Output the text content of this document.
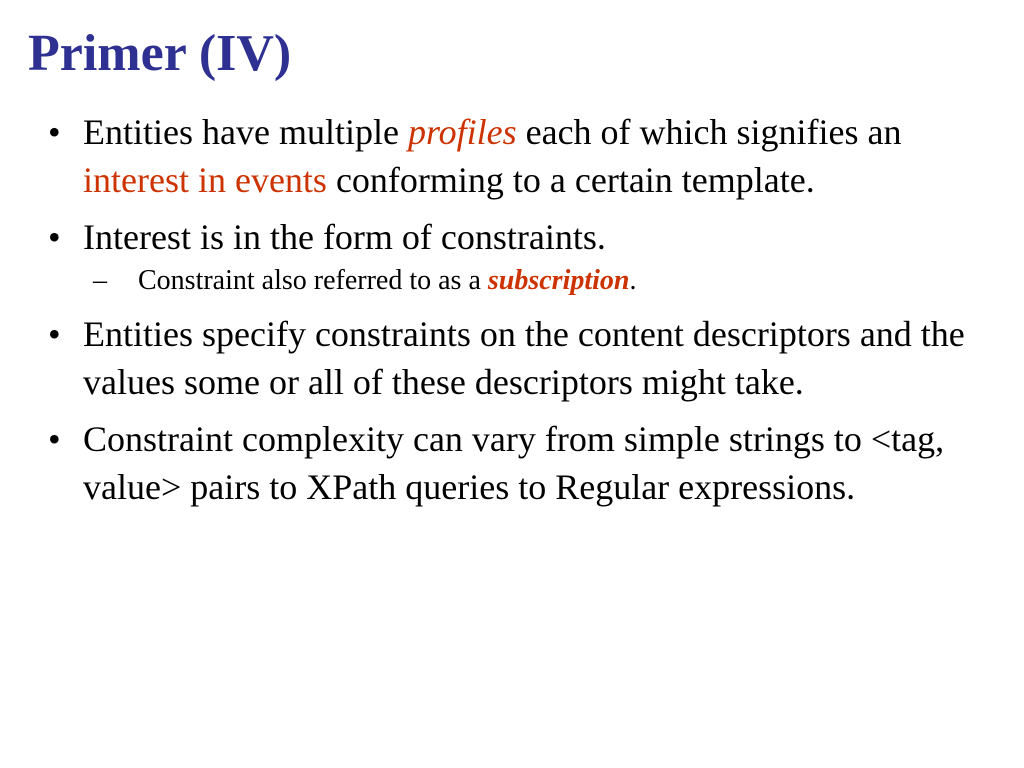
Primer (IV)
• Entities have multiple profiles each of which signifies an interest in events conforming to a certain template.
• Interest is in the form of constraints.
–	Constraint also referred to as a subscription.
• Entities specify constraints on the content descriptors and the values some or all of these descriptors might take.
• Constraint complexity can vary from simple strings to <tag, value> pairs to XPath queries to Regular expressions.
